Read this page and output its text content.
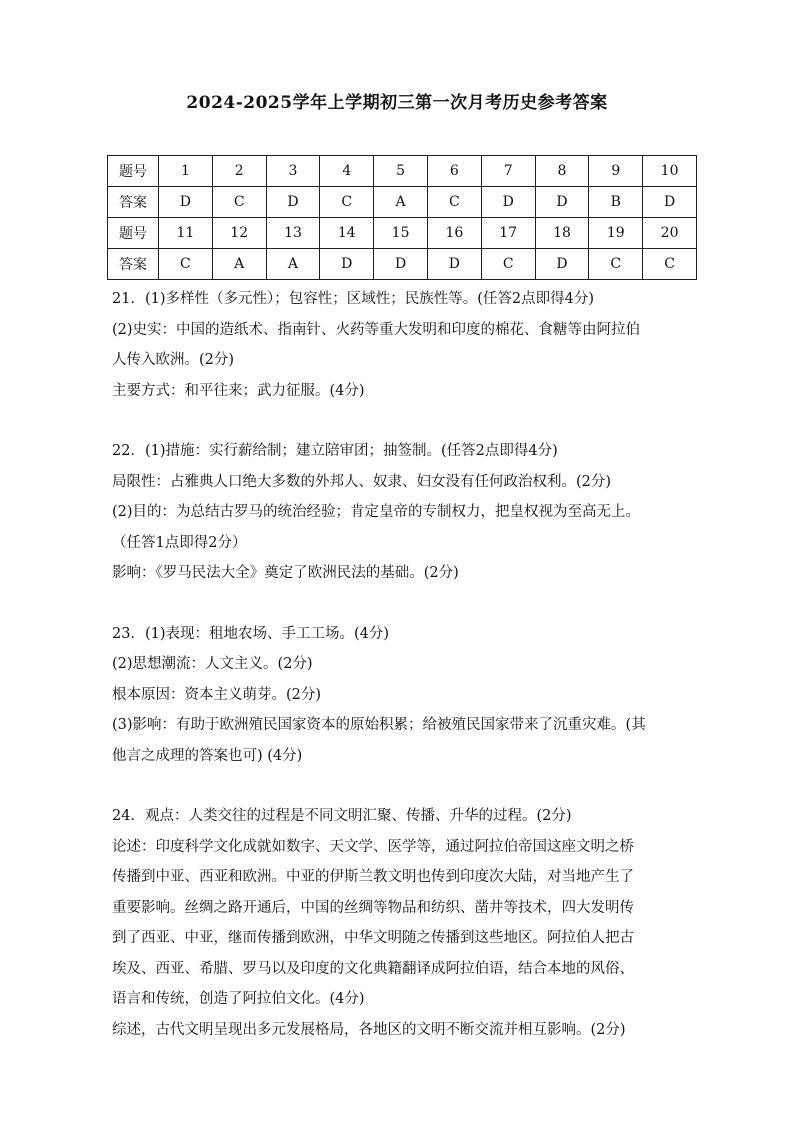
2024-2025学年上学期初三第一次月考历史参考答案
题号	1	2	3	4	5	6	7	8	9	10
答案	D	C	D	C	A	C	D	D	B	D
题号	11	12	13	14	15	16	17	18	19	20
答案	C	A	A	D	D	D	C	D	C	C

21．(1)多样性（多元性）；包容性；区域性；民族性等。(任答2点即得4分)

(2)史实：中国的造纸术、指南针、火药等重大发明和印度的棉花、食糖等由阿拉伯

人传入欧洲。(2分)

主要方式：和平往来；武力征服。(4分)

22．(1)措施：实行薪给制；建立陪审团；抽签制。(任答2点即得4分)

局限性：占雅典人口绝大多数的外邦人、奴隶、妇女没有任何政治权利。(2分)

(2)目的：为总结古罗马的统治经验；肯定皇帝的专制权力，把皇权视为至高无上。

（任答1点即得2分）

影响：《罗马民法大全》奠定了欧洲民法的基础。(2分)

23．(1)表现：租地农场、手工工场。(4分)

(2)思想潮流：人文主义。(2分)

根本原因：资本主义萌芽。(2分)

(3)影响：有助于欧洲殖民国家资本的原始积累；给被殖民国家带来了沉重灾难。(其

他言之成理的答案也可) (4分)

24．观点：人类交往的过程是不同文明汇聚、传播、升华的过程。(2分)

论述：印度科学文化成就如数字、天文学、医学等，通过阿拉伯帝国这座文明之桥

传播到中亚、西亚和欧洲。中亚的伊斯兰教文明也传到印度次大陆，对当地产生了

重要影响。丝绸之路开通后，中国的丝绸等物品和纺织、凿井等技术，四大发明传

到了西亚、中亚，继而传播到欧洲，中华文明随之传播到这些地区。阿拉伯人把古

埃及、西亚、希腊、罗马以及印度的文化典籍翻译成阿拉伯语，结合本地的风俗、

语言和传统，创造了阿拉伯文化。(4分)

综述，古代文明呈现出多元发展格局，各地区的文明不断交流并相互影响。(2分)
